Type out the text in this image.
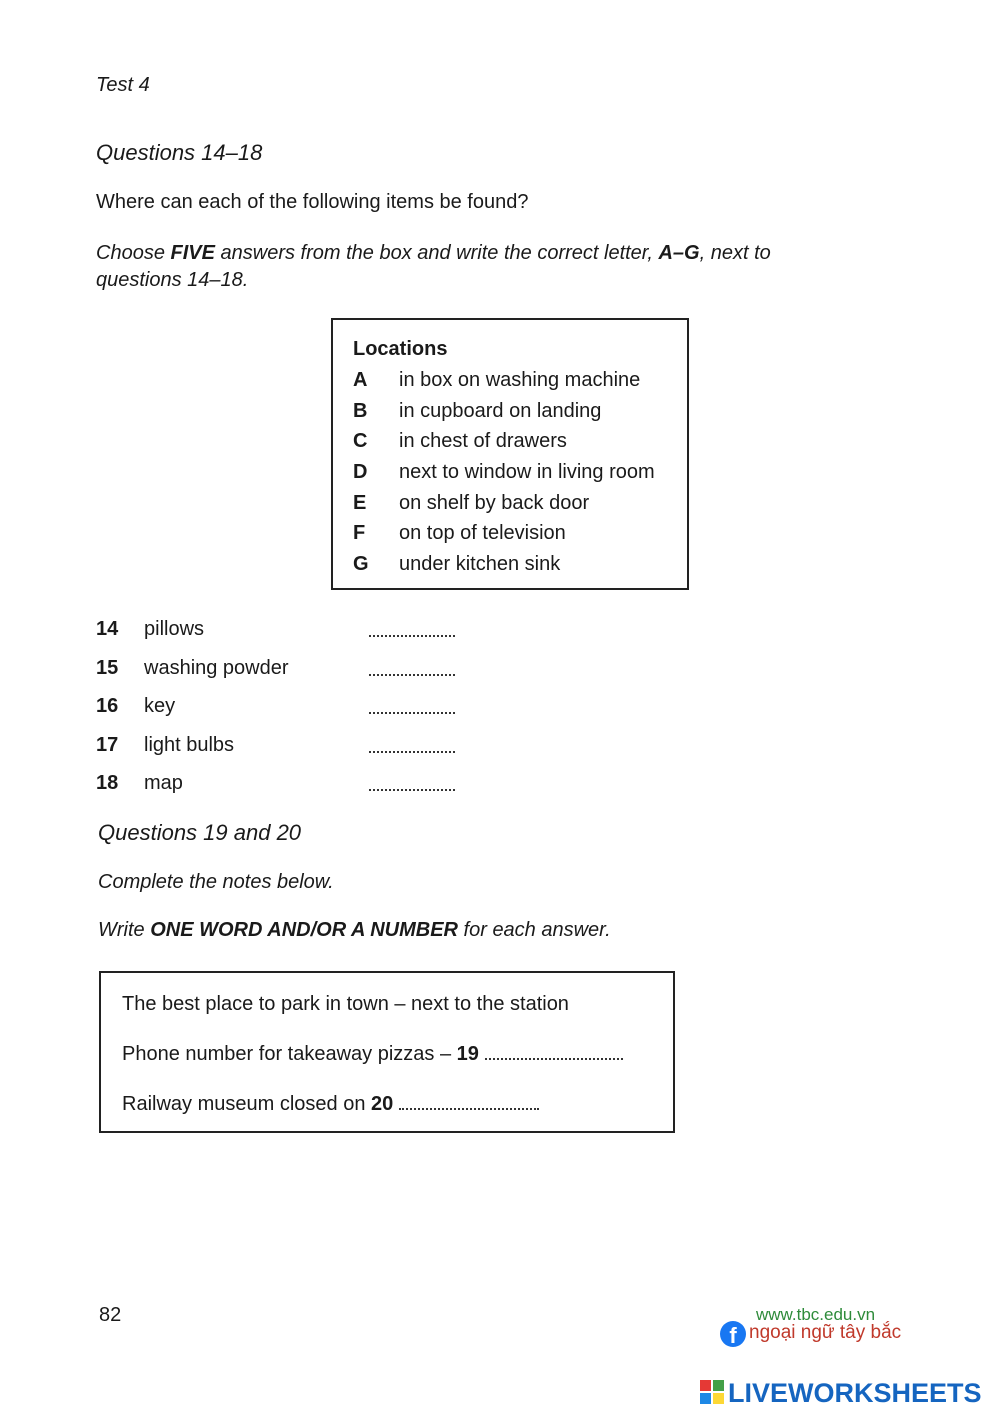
Test 4
Questions 14–18
Where can each of the following items be found?
Choose FIVE answers from the box and write the correct letter, A–G, next to questions 14–18.
Locations
A in box on washing machine
B in cupboard on landing
C in chest of drawers
D next to window in living room
E on shelf by back door
F on top of television
G under kitchen sink
14 pillows
15 washing powder
16 key
17 light bulbs
18 map
Questions 19 and 20
Complete the notes below.
Write ONE WORD AND/OR A NUMBER for each answer.
The best place to park in town – next to the station
Phone number for takeaway pizzas – 19
Railway museum closed on 20
82	www.tbc.edu.vn
f ngoại ngữ tây bắc
LIVEWORKSHEETS
